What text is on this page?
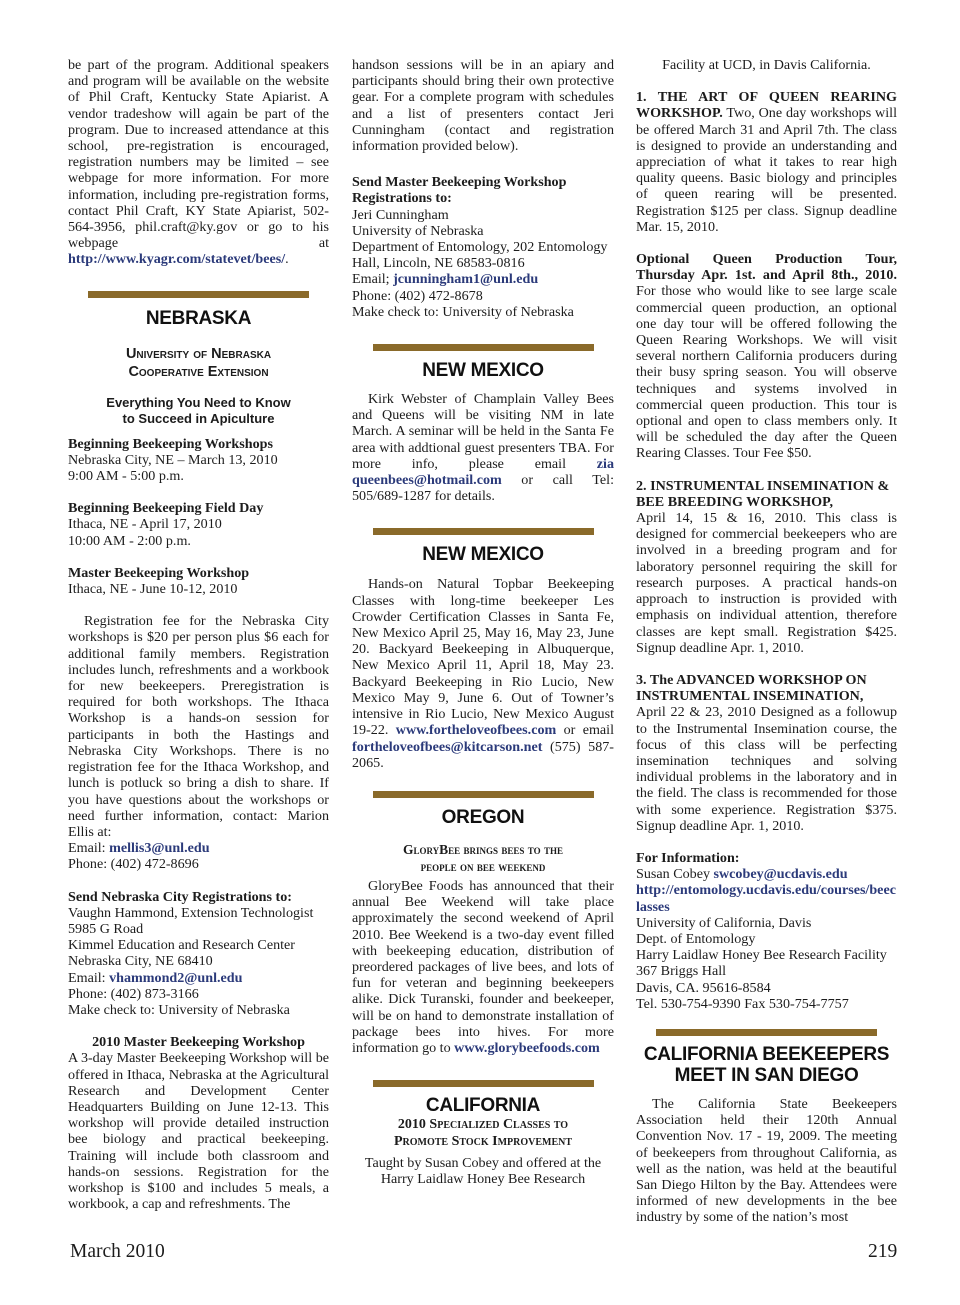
be part of the program. Additional speakers and program will be available on the website of Phil Craft, Kentucky State Apiarist. A vendor tradeshow will again be part of the program. Due to increased attendance at this school, pre-registration is encouraged, registration numbers may be limited – see webpage for more information. For more information, including pre-registration forms, contact Phil Craft, KY State Apiarist, 502-564-3956, phil.craft@ky.gov or go to his webpage at http://www.kyagr.com/statevet/bees/.

NEBRASKA
University of Nebraska
Cooperative Extension
Everything You Need to Know
to Succeed in Apiculture

Beginning Beekeeping Workshops

Nebraska City, NE – March 13, 2010

9:00 AM - 5:00 p.m.

Beginning Beekeeping Field Day

Ithaca, NE - April 17, 2010

10:00 AM - 2:00 p.m.

Master Beekeeping Workshop

Ithaca, NE - June 10-12, 2010

Registration fee for the Nebraska City workshops is $20 per person plus $6 each for additional family members. Registration includes lunch, refreshments and a workbook for new beekeepers. Preregistration is required for both workshops. The Ithaca Workshop is a hands-on session for participants in both the Hastings and Nebraska City Workshops. There is no registration fee for the Ithaca Workshop, and lunch is potluck so bring a dish to share. If you have questions about the workshops or need further information, contact: Marion Ellis at:

Email: mellis3@unl.edu

Phone: (402) 472-8696

Send Nebraska City Registrations to:

Vaughn Hammond, Extension Technologist

5985 G Road

Kimmel Education and Research Center

Nebraska City, NE 68410

Email: vhammond2@unl.edu

Phone: (402) 873-3166

Make check to: University of Nebraska

2010 Master Beekeeping Workshop

A 3-day Master Beekeeping Workshop will be offered in Ithaca, Nebraska at the Agricultural Research and Development Center Headquarters Building on June 12-13. This workshop will provide detailed instruction bee biology and practical beekeeping. Training will include both classroom and hands-on sessions. Registration for the workshop is $100 and includes 5 meals, a workbook, a cap and refreshments. The

handson sessions will be in an apiary and participants should bring their own protective gear. For a complete program with schedules and a list of presenters contact Jeri Cunningham (contact and registration information provided below).

Send Master Beekeeping Workshop Registrations to:

Jeri Cunningham

University of Nebraska

Department of Entomology, 202 Entomology Hall, Lincoln, NE 68583-0816

Email; jcunningham1@unl.edu

Phone: (402) 472-8678

Make check to: University of Nebraska

NEW MEXICO

Kirk Webster of Champlain Valley Bees and Queens will be visiting NM in late March. A seminar will be held in the Santa Fe area with addtional guest presenters TBA. For more info, please email zia queenbees@hotmail.com or call Tel: 505/689-1287 for details.

NEW MEXICO

Hands-on Natural Topbar Beekeeping Classes with long-time beekeeper Les Crowder Certification Classes in Santa Fe, New Mexico April 25, May 16, May 23, June 20. Backyard Beekeeping in Albuquerque, New Mexico April 11, April 18, May 23. Backyard Beekeeping in Rio Lucio, New Mexico May 9, June 6. Out of Towner’s intensive in Rio Lucio, New Mexico August 19-22. www.fortheloveofbees.com or email fortheloveofbees@kitcarson.net (575) 587-2065.

OREGON
GloryBee brings bees to the
people on bee weekend

GloryBee Foods has announced that their annual Bee Weekend will take place approximately the second weekend of April 2010. Bee Weekend is a two-day event filled with beekeeping education, distribution of preordered packages of live bees, and lots of fun for veteran and beginning beekeepers alike. Dick Turanski, founder and beekeeper, will be on hand to demonstrate installation of package bees into hives. For more information go to www.glorybeefoods.com

CALIFORNIA
2010 Specialized Classes to
Promote Stock Improvement

Taught by Susan Cobey and offered at the Harry Laidlaw Honey Bee Research

Facility at UCD, in Davis California.

1. THE ART OF QUEEN REARING WORKSHOP. Two, One day workshops will be offered March 31 and April 7th. The class is designed to provide an understanding and appreciation of what it takes to rear high quality queens. Basic biology and principles of queen rearing will be presented. Registration $125 per class. Signup deadline Mar. 15, 2010.

Optional Queen Production Tour, Thursday Apr. 1st. and April 8th., 2010. For those who would like to see large scale commercial queen production, an optional one day tour will be offered following the Queen Rearing Workshops. We will visit several northern California producers during their busy spring season. You will observe techniques and systems involved in commercial queen production. This tour is optional and open to class members only. It will be scheduled the day after the Queen Rearing Classes. Tour Fee $50.

2. INSTRUMENTAL INSEMINATION & BEE BREEDING WORKSHOP,

April 14, 15 & 16, 2010. This class is designed for commercial beekeepers who are involved in a breeding program and for laboratory personnel requiring the skill for research purposes. A practical hands-on approach to instruction is provided with emphasis on individual attention, therefore classes are kept small. Registration $425. Signup deadline Apr. 1, 2010.

3. The ADVANCED WORKSHOP ON INSTRUMENTAL INSEMINATION,

April 22 & 23, 2010 Designed as a followup to the Instrumental Insemination course, the focus of this class will be perfecting insemination techniques and solving individual problems in the laboratory and in the field. The class is recommended for those with some experience. Registration $375. Signup deadline Apr. 1, 2010.

For Information:

Susan Cobey swcobey@ucdavis.edu

http://entomology.ucdavis.edu/courses/beeclasses

University of California, Davis

Dept. of Entomology

Harry Laidlaw Honey Bee Research Facility

367 Briggs Hall

Davis, CA. 95616-8584

Tel. 530-754-9390 Fax 530-754-7757

CALIFORNIA BEEKEEPERS
MEET IN SAN DIEGO

The California State Beekeepers Association held their 120th Annual Convention Nov. 17 - 19, 2009. The meeting of beekeepers from throughout California, as well as the nation, was held at the beautiful San Diego Hilton by the Bay. Attendees were informed of new developments in the bee industry by some of the nation’s most

March 2010	219
